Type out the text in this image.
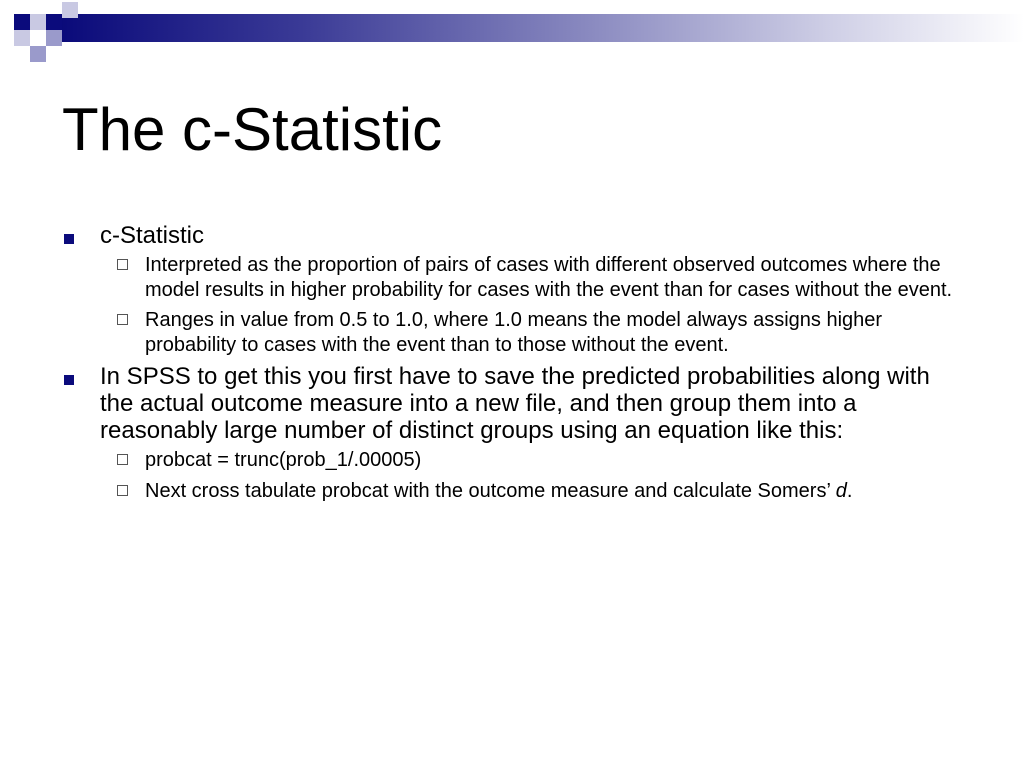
The c-Statistic
c-Statistic
Interpreted as the proportion of pairs of cases with different observed outcomes where the model results in higher probability for cases with the event than for cases without the event.
Ranges in value from 0.5 to 1.0, where 1.0 means the model always assigns higher probability to cases with the event than to those without the event.
In SPSS to get this you first have to save the predicted probabilities along with the actual outcome measure into a new file, and then group them into a reasonably large number of distinct groups using an equation like this:
probcat = trunc(prob_1/.00005)
Next cross tabulate probcat with the outcome measure and calculate Somers’ d.
